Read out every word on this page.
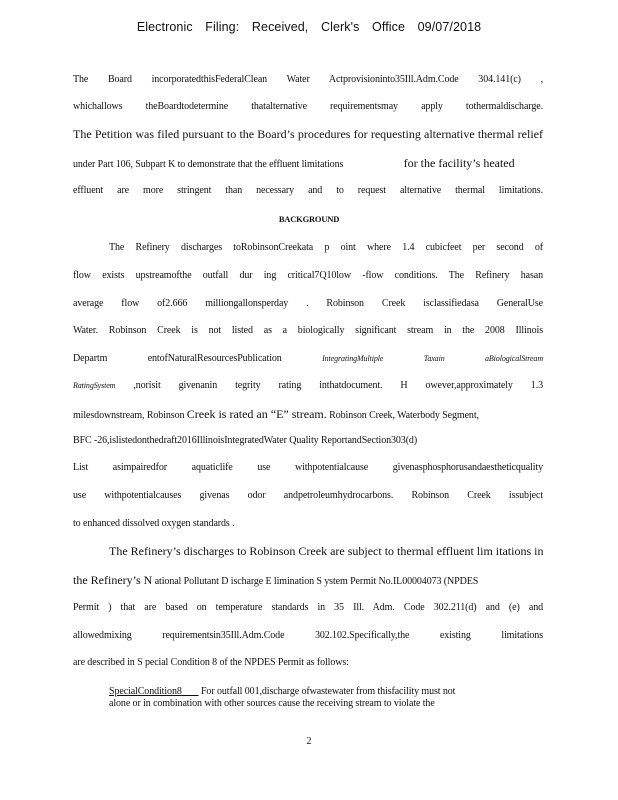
Electronic Filing: Received, Clerk's Office 09/07/2018
The Board incorporatedthisFederalClean Water Actprovisioninto35Ill.Adm.Code 304.141(c) ,
whichallows theBoardtodetermine thatalternative requirementsmay apply tothermaldischarge.
The Petition was filed pursuant to the Board’s procedures for requesting alternative thermal relief
under Part 106, Subpart K to demonstrate that the effluent limitations	for the facility’s heated
effluent are more stringent than necessary and to request alternative thermal limitations.
BACKGROUND
The Refinery discharges toRobinsonCreekata p oint where 1.4 cubicfeet per second of
flow exists upstreamofthe outfall dur ing critical7Q10low -flow conditions. The Refinery hasan
average flow of2.666 milliongallonsperday . Robinson Creek isclassifiedasa GeneralUse
Water. Robinson Creek is not listed as a biologically significant stream in the 2008 Illinois
Departm entofNaturalResourcesPublication	IntegratingMultiple	Taxain	aBiologicalStream
RatingSystem ,norisit givenanin tegrity rating inthatdocument. H owever,approximately 1.3
milesdownstream, Robinson Creek is rated an “E” stream. Robinson Creek, Waterbody Segment,
BFC -26,islistedonthedraft2016IllinoisIntegratedWater Quality ReportandSection303(d)
List asimpairedfor aquaticlife use withpotentialcause givenasphosphorusandaestheticquality
use withpotentialcauses givenas odor andpetroleumhydrocarbons. Robinson Creek issubject
to enhanced dissolved oxygen standards .
The Refinery’s discharges to Robinson Creek are subject to thermal effluent lim itations in
the Refinery’s N ational Pollutant D ischarge E limination S ystem Permit No.IL00004073 (NPDES
Permit ) that are based on temperature standards in 35 Ill. Adm. Code 302.211(d) and (e) and
allowedmixing requirementsin35Ill.Adm.Code 302.102.Specifically,the existing limitations
are described in S pecial Condition 8 of the NPDES Permit as follows:
SpecialCondition8 For outfall 001,discharge ofwastewater from thisfacility must not
alone or in combination with other sources cause the receiving stream to violate the
2
